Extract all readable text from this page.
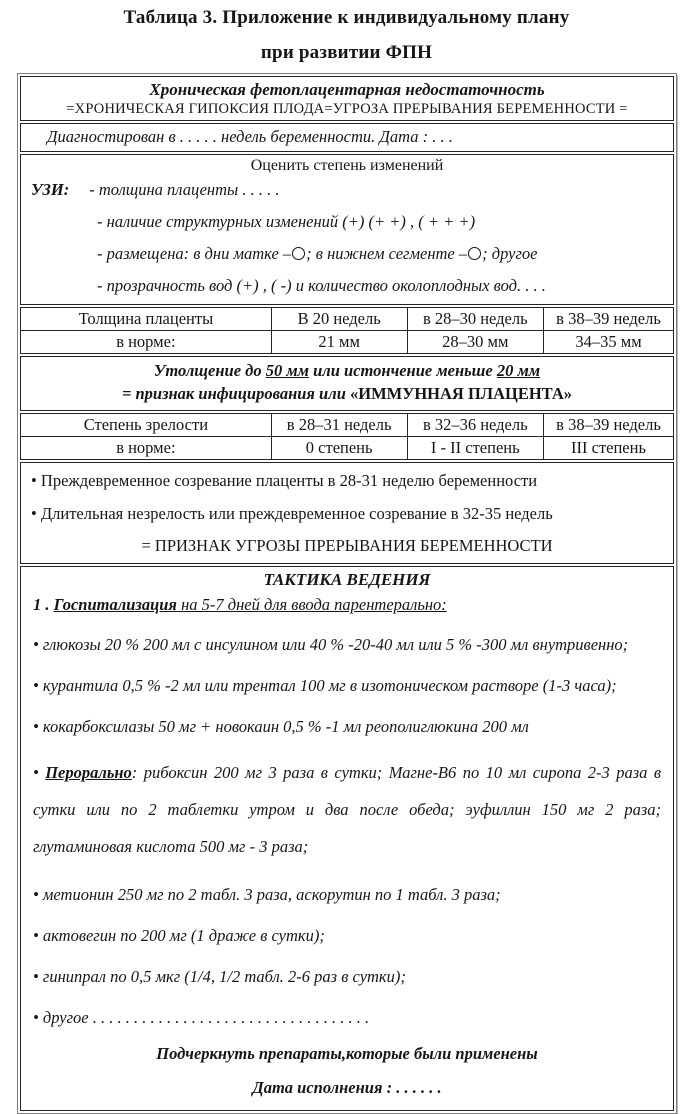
Таблица 3. Приложение к индивидуальному плану
при развитии ФПН
Хроническая фетоплацентарная недостаточность
=ХРОНИЧЕСКАЯ ГИПОКСИЯ ПЛОДА=УГРОЗА ПРЕРЫВАНИЯ БЕРЕМЕННОСТИ =
Диагностирован в . . . . . недель беременности. Дата : . . .
Оценить степень изменений
УЗИ: - толщина плаценты . . . . .
- наличие структурных изменений (+) (+ +) , ( + + +)
- размещена: в дни матке –○; в нижнем сегменте –○; другое
- прозрачность вод (+) , ( -) и количество околоплодных вод. . . .
Толщина плаценты	В 20 недель	в 28–30 недель	в 38–39 недель
в норме:	21 мм	28–30 мм	34–35 мм
Утолщение до 50 мм или истончение меньше 20 мм
= признак инфицирования или «ИММУННАЯ ПЛАЦЕНТА»
Степень зрелости	в 28–31 недель	в 32–36 недель	в 38–39 недель
в норме:	0 степень	I - II степень	III степень
• Преждевременное созревание плаценты в 28-31 неделю беременности
• Длительная незрелость или преждевременное созревание в 32-35 недель
= ПРИЗНАК УГРОЗЫ ПРЕРЫВАНИЯ БЕРЕМЕННОСТИ
ТАКТИКА ВЕДЕНИЯ
1 . Госпитализация на 5-7 дней для ввода парентерально:
• глюкозы 20 % 200 мл с инсулином или 40 % -20-40 мл или 5 % -300 мл внутривенно;
• курантила 0,5 % -2 мл или трентал 100 мг в изотоническом растворе (1-3 часа);
• кокарбоксилазы 50 мг + новокаин 0,5 % -1 мл реополиглюкина 200 мл
• Перорально: рибоксин 200 мг 3 раза в сутки; Магне-В6 по 10 мл сиропа 2-3 раза в сутки или по 2 таблетки утром и два после обеда; эуфиллин 150 мг 2 раза; глутаминовая кислота 500 мг - 3 раза;
• метионин 250 мг по 2 табл. 3 раза, аскорутин по 1 табл. 3 раза;
• актовегин по 200 мг (1 драже в сутки);
• гинипрал по 0,5 мкг (1/4, 1/2 табл. 2-6 раз в сутки);
• другое . . . . . . . . . . . . . . . . . . . . . . . . . . . . . . . . . .
Подчеркнуть препараты,которые были применены
Дата исполнения : . . . . . .
